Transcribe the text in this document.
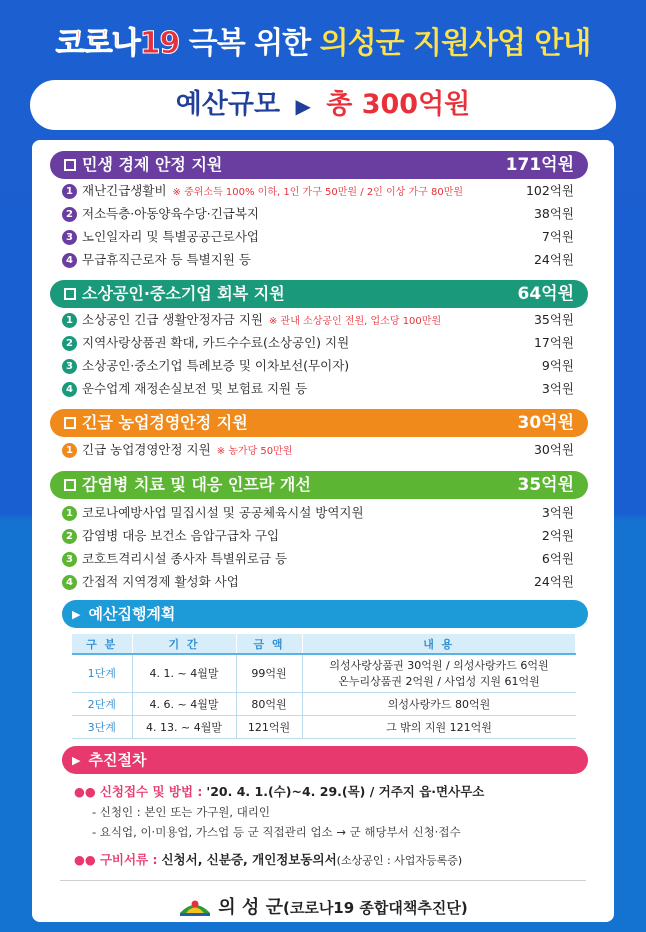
코로나19 극복 위한 의성군 지원사업 안내
예산규모 ▶ 총 300억원
민생 경제 안정 지원	171억원
1 재난긴급생활비 ※ 중위소득 100% 이하, 1인 가구 50만원 / 2인 이상 가구 80만원	102억원
2 저소득층·아동양육수당·긴급복지	38억원
3 노인일자리 및 특별공공근로사업	7억원
4 무급휴직근로자 등 특별지원 등	24억원
소상공인·중소기업 회복 지원	64억원
1 소상공인 긴급 생활안정자금 지원 ※ 관내 소상공인 전원, 업소당 100만원	35억원
2 지역사랑상품권 확대, 카드수수료(소상공인) 지원	17억원
3 소상공인·중소기업 특례보증 및 이차보선(무이자)	9억원
4 운수업계 재정손실보전 및 보험료 지원 등	3억원
긴급 농업경영안정 지원	30억원
1 긴급 농업경영안정 지원 ※ 농가당 50만원	30억원
감염병 치료 및 대응 인프라 개선	35억원
1 코로나예방사업 밀집시설 및 공공체육시설 방역지원	3억원
2 감염병 대응 보건소 음압구급차 구입	2억원
3 코호트격리시설 종사자 특별위로금 등	6억원
4 간접적 지역경제 활성화 사업	24억원
▶ 예산집행계획
구 분	기 간	금 액	내 용
1단계	4. 1. ~ 4월말	99억원	의성사랑상품권 30억원 / 의성사랑카드 6억원
온누리상품권 2억원 / 사업성 지원 61억원

2단계	4. 6. ~ 4월말	80억원	의성사랑카드 80억원
3단계	4. 13. ~ 4월말	121억원	그 밖의 지원 121억원
▶ 추진절차
●● 신청접수 및 방법 : '20. 4. 1.(수)~4. 29.(목) / 거주지 읍·면사무소
- 신청인 : 본인 또는 가구원, 대리인
- 요식업, 이·미용업, 가스업 등 군 직접관리 업소 → 군 해당부서 신청·접수
●● 구비서류 : 신청서, 신분증, 개인정보동의서(소상공인 : 사업자등록증)
의 성 군(코로나19 종합대책추진단)
